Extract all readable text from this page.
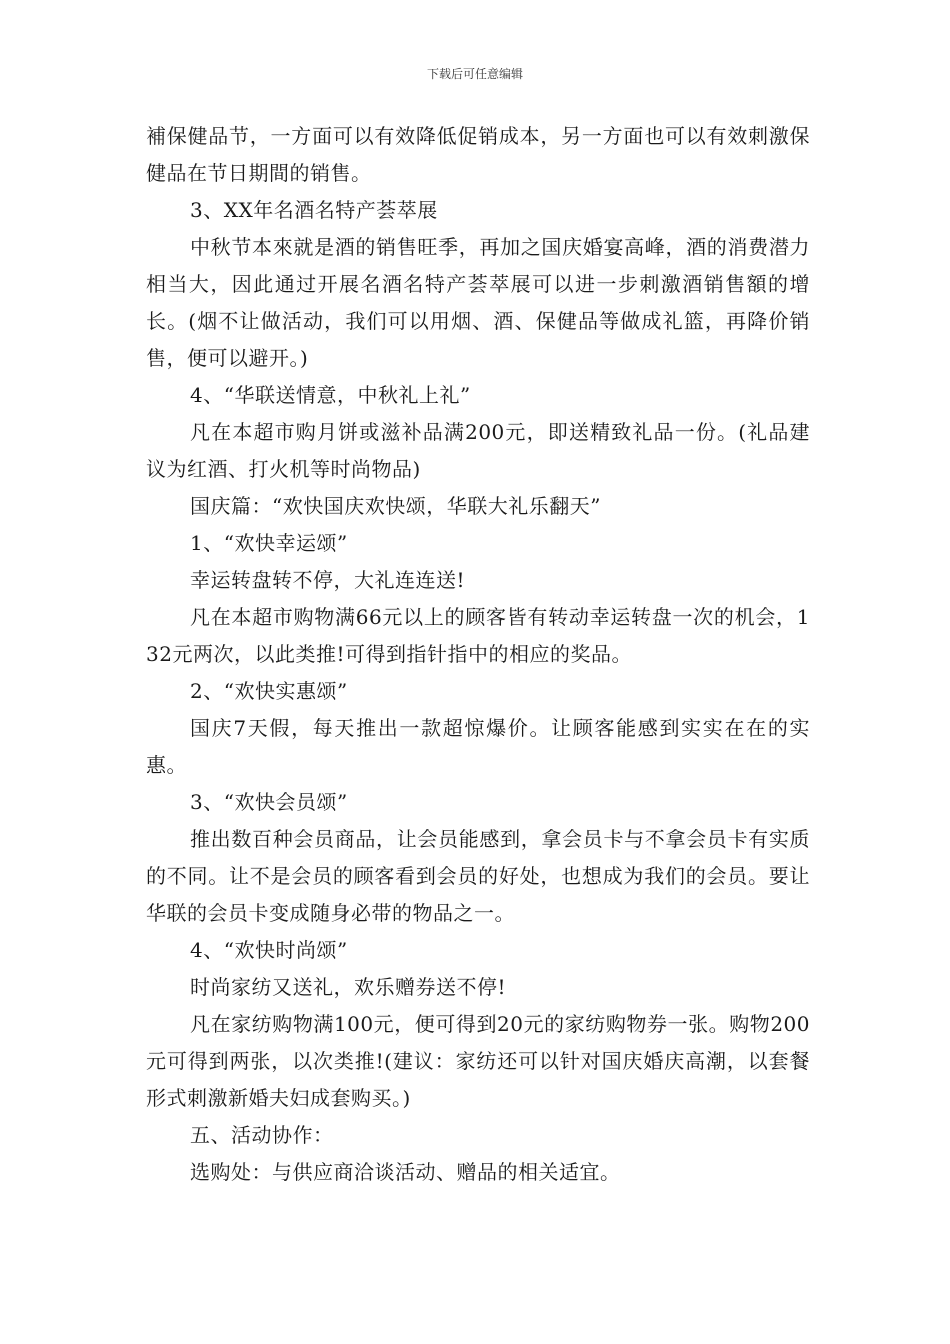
下载后可任意编辑

補保健品节，一方面可以有效降低促销成本，另一方面也可以有效刺激保健品在节日期間的销售。

3、XX年名酒名特产荟萃展

中秋节本來就是酒的销售旺季，再加之国庆婚宴高峰，酒的消费潜力相当大，因此通过开展名酒名特产荟萃展可以进一步刺激酒销售額的增长。(烟不让做活动，我们可以用烟、酒、保健品等做成礼篮，再降价销售，便可以避开。)

4、“华联送情意，中秋礼上礼”

凡在本超市购月饼或滋补品满200元，即送精致礼品一份。(礼品建议为红酒、打火机等时尚物品)

国庆篇：“欢快国庆欢快颂，华联大礼乐翻天”

1、“欢快幸运颂”

幸运转盘转不停，大礼连连送!

凡在本超市购物满66元以上的顾客皆有转动幸运转盘一次的机会，132元两次，以此类推!可得到指针指中的相应的奖品。

2、“欢快实惠颂”

国庆7天假，每天推出一款超惊爆价。让顾客能感到实实在在的实惠。

3、“欢快会员颂”

推出数百种会员商品，让会员能感到，拿会员卡与不拿会员卡有实质的不同。让不是会员的顾客看到会员的好处，也想成为我们的会员。要让华联的会员卡变成随身必带的物品之一。

4、“欢快时尚颂”

时尚家纺又送礼，欢乐赠券送不停!

凡在家纺购物满100元，便可得到20元的家纺购物券一张。购物200元可得到两张，以次类推!(建议：家纺还可以针对国庆婚庆高潮，以套餐形式刺激新婚夫妇成套购买。)

五、活动协作：

选购处：与供应商洽谈活动、赠品的相关适宜。
